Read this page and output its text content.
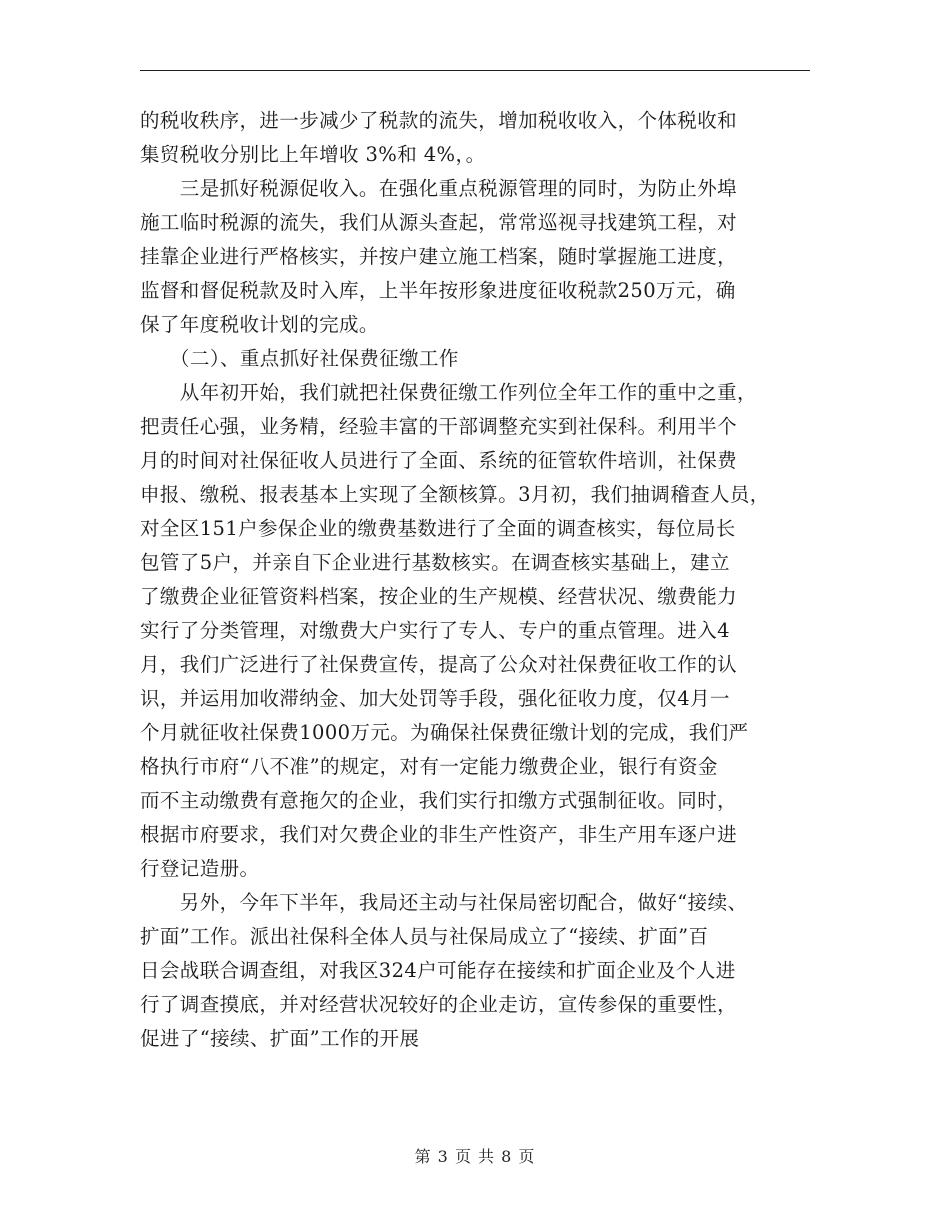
的税收秩序，进一步减少了税款的流失，增加税收收入，个体税收和
集贸税收分别比上年增收 3%和 4%，。
　　三是抓好税源促收入。在强化重点税源管理的同时，为防止外埠
施工临时税源的流失，我们从源头查起，常常巡视寻找建筑工程，对
挂靠企业进行严格核实，并按户建立施工档案，随时掌握施工进度，
监督和督促税款及时入库，上半年按形象进度征收税款250万元，确
保了年度税收计划的完成。
　　（二）、重点抓好社保费征缴工作
　　从年初开始，我们就把社保费征缴工作列位全年工作的重中之重，
把责任心强，业务精，经验丰富的干部调整充实到社保科。利用半个
月的时间对社保征收人员进行了全面、系统的征管软件培训，社保费
申报、缴税、报表基本上实现了全额核算。3月初，我们抽调稽查人员，
对全区151户参保企业的缴费基数进行了全面的调查核实，每位局长
包管了5户，并亲自下企业进行基数核实。在调查核实基础上，建立
了缴费企业征管资料档案，按企业的生产规模、经营状况、缴费能力
实行了分类管理，对缴费大户实行了专人、专户的重点管理。进入4
月，我们广泛进行了社保费宣传，提高了公众对社保费征收工作的认
识，并运用加收滞纳金、加大处罚等手段，强化征收力度，仅4月一
个月就征收社保费1000万元。为确保社保费征缴计划的完成，我们严
格执行市府“八不准”的规定，对有一定能力缴费企业，银行有资金
而不主动缴费有意拖欠的企业，我们实行扣缴方式强制征收。同时，
根据市府要求，我们对欠费企业的非生产性资产，非生产用车逐户进
行登记造册。
　　另外，今年下半年，我局还主动与社保局密切配合，做好“接续、
扩面”工作。派出社保科全体人员与社保局成立了“接续、扩面”百
日会战联合调查组，对我区324户可能存在接续和扩面企业及个人进
行了调查摸底，并对经营状况较好的企业走访，宣传参保的重要性，
促进了“接续、扩面”工作的开展
第 3 页 共 8 页
